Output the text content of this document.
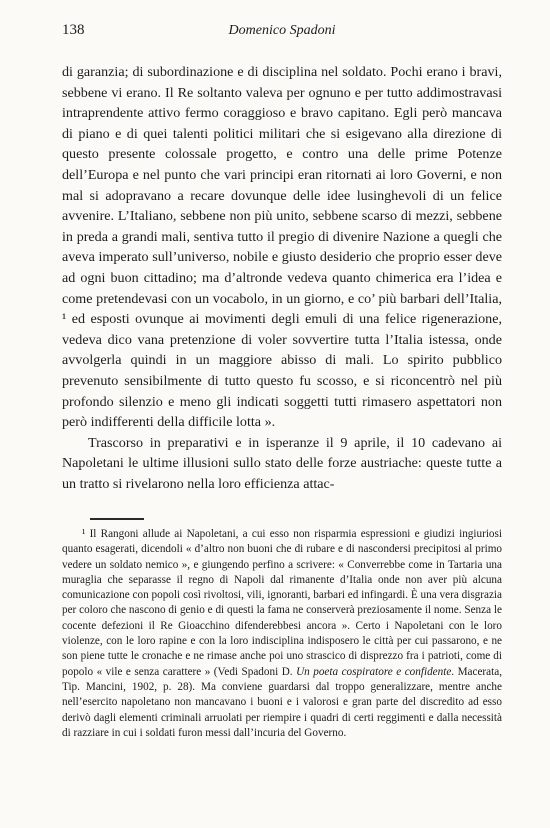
138	Domenico Spadoni

di garanzia; di subordinazione e di disciplina nel soldato. Pochi erano i bravi, sebbene vi erano. Il Re soltanto valeva per ognuno e per tutto addimostravasi intraprendente attivo fermo coraggioso e bravo capitano. Egli però mancava di piano e di quei talenti politici militari che si esigevano alla direzione di questo presente colossale progetto, e contro una delle prime Potenze dell’Europa e nel punto che vari principi eran ritornati ai loro Governi, e non mal si adopravano a recare dovunque delle idee lusinghevoli di un felice avvenire. L’Italiano, sebbene non più unito, sebbene scarso di mezzi, sebbene in preda a grandi mali, sentiva tutto il pregio di divenire Nazione a quegli che aveva imperato sull’universo, nobile e giusto desiderio che proprio esser deve ad ogni buon cittadino; ma d’altronde vedeva quanto chimerica era l’idea e come pretendevasi con un vocabolo, in un giorno, e co’ più barbari dell’Italia, ¹ ed esposti ovunque ai movimenti degli emuli di una felice rigenerazione, vedeva dico vana pretenzione di voler sovvertire tutta l’Italia istessa, onde avvolgerla quindi in un maggiore abisso di mali. Lo spirito pubblico prevenuto sensibilmente di tutto questo fu scosso, e si riconcentrò nel più profondo silenzio e meno gli indicati soggetti tutti rimasero aspettatori non però indifferenti della difficile lotta ».

Trascorso in preparativi e in isperanze il 9 aprile, il 10 cadevano ai Napoletani le ultime illusioni sullo stato delle forze austriache: queste tutte a un tratto si rivelarono nella loro efficienza attac-

¹ Il Rangoni allude ai Napoletani, a cui esso non risparmia espressioni e giudizi ingiuriosi quanto esagerati, dicendoli « d’altro non buoni che di rubare e di nascondersi precipitosi al primo vedere un soldato nemico », e giungendo perfino a scrivere: « Converrebbe come in Tartaria una muraglia che separasse il regno di Napoli dal rimanente d’Italia onde non aver più alcuna comunicazione con popoli così rivoltosi, vili, ignoranti, barbari ed infingardi. È una vera disgrazia per coloro che nascono di genio e di questi la fama ne conserverà preziosamente il nome. Senza le cocente defezioni il Re Gioacchino difenderebbesi ancora ». Certo i Napoletani con le loro violenze, con le loro rapine e con la loro indisciplina indisposero le città per cui passarono, e ne son piene tutte le cronache e ne rimase anche poi uno strascico di disprezzo fra i patrioti, come di popolo « vile e senza carattere » (Vedi Spadoni D. Un poeta cospiratore e confidente. Macerata, Tip. Mancini, 1902, p. 28). Ma conviene guardarsi dal troppo generalizzare, mentre anche nell’esercito napoletano non mancavano i buoni e i valorosi e gran parte del discredito ad esso derivò dagli elementi criminali arruolati per riempire i quadri di certi reggimenti e dalla necessità di razziare in cui i soldati furon messi dall’incuria del Governo.
